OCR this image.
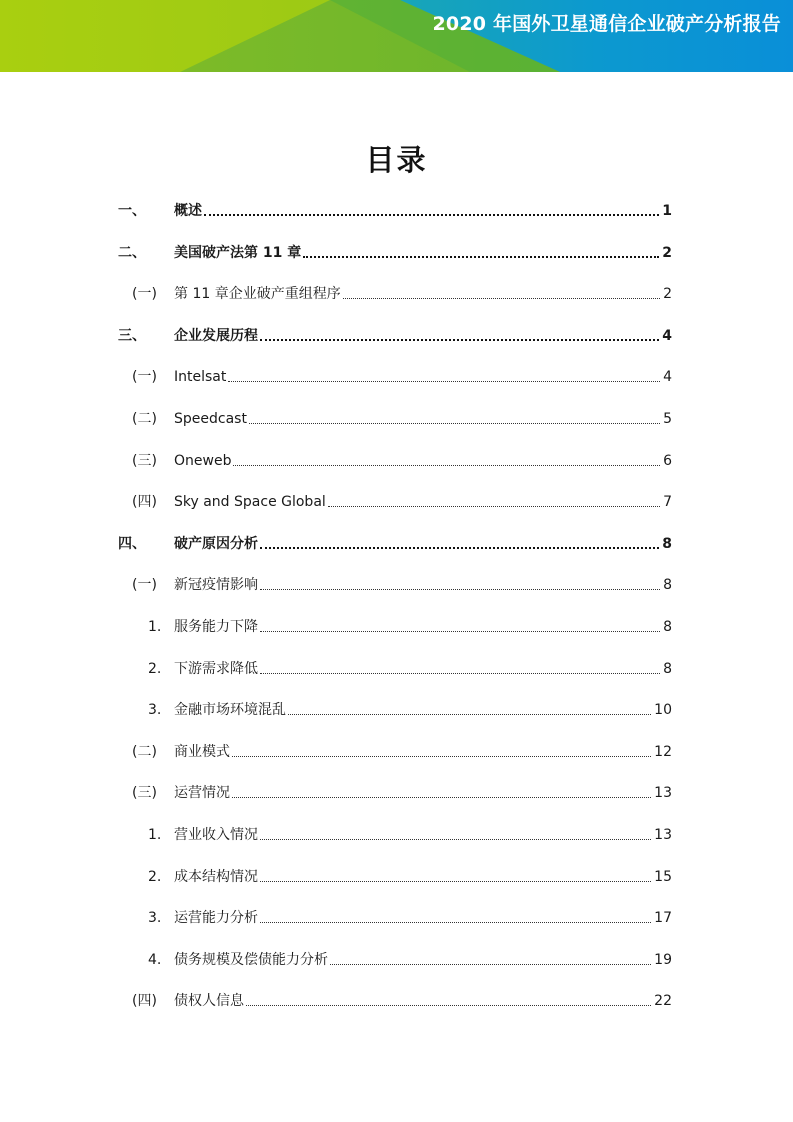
2020 年国外卫星通信企业破产分析报告
目录
一、 概述	1
二、 美国破产法第 11 章	2
(一) 第 11 章企业破产重组程序	2
三、 企业发展历程	4
(一) Intelsat	4
(二) Speedcast	5
(三) Oneweb	6
(四) Sky and Space Global	7
四、 破产原因分析	8
(一) 新冠疫情影响	8
1. 服务能力下降	8
2. 下游需求降低	8
3. 金融市场环境混乱	10
(二) 商业模式	12
(三) 运营情况	13
1. 营业收入情况	13
2. 成本结构情况	15
3. 运营能力分析	17
4. 债务规模及偿债能力分析	19
(四) 债权人信息	22
